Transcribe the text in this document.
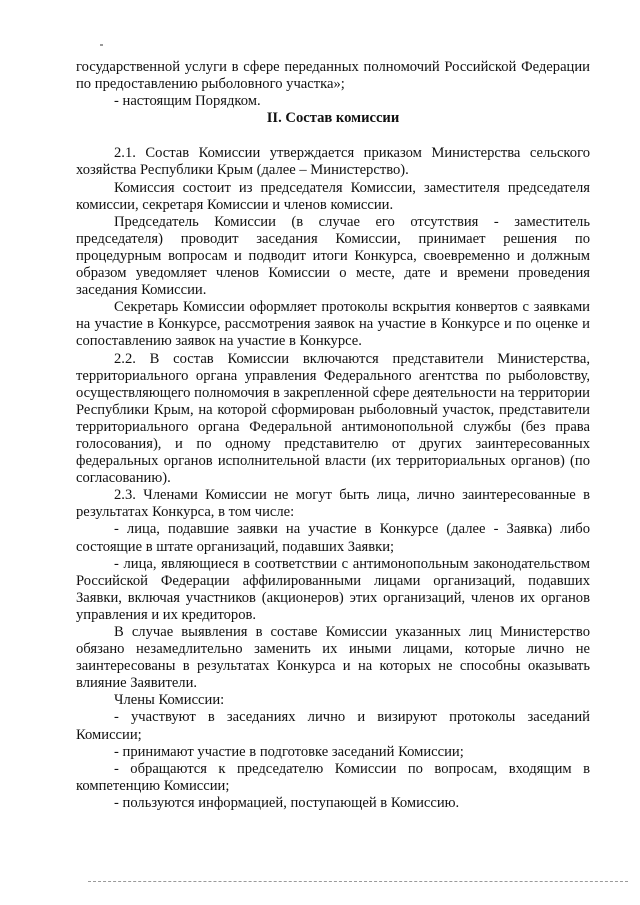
государственной услуги в сфере переданных полномочий Российской Федерации по предоставлению рыболовного участка»;

- настоящим Порядком.

II. Состав комиссии

2.1. Состав Комиссии утверждается приказом Министерства сельского хозяйства Республики Крым (далее – Министерство).

Комиссия состоит из председателя Комиссии, заместителя председателя комиссии, секретаря Комиссии и членов комиссии.

Председатель Комиссии (в случае его отсутствия - заместитель председателя) проводит заседания Комиссии, принимает решения по процедурным вопросам и подводит итоги Конкурса, своевременно и должным образом уведомляет членов Комиссии о месте, дате и времени проведения заседания Комиссии.

Секретарь Комиссии оформляет протоколы вскрытия конвертов с заявками на участие в Конкурсе, рассмотрения заявок на участие в Конкурсе и по оценке и сопоставлению заявок на участие в Конкурсе.

2.2. В состав Комиссии включаются представители Министерства, территориального органа управления Федерального агентства по рыболовству, осуществляющего полномочия в закрепленной сфере деятельности на территории Республики Крым, на которой сформирован рыболовный участок, представители территориального органа Федеральной антимонопольной службы (без права голосования), и по одному представителю от других заинтересованных федеральных органов исполнительной власти (их территориальных органов) (по согласованию).

2.3. Членами Комиссии не могут быть лица, лично заинтересованные в результатах Конкурса, в том числе:

- лица, подавшие заявки на участие в Конкурсе (далее - Заявка) либо состоящие в штате организаций, подавших Заявки;

- лица, являющиеся в соответствии с антимонопольным законодательством Российской Федерации аффилированными лицами организаций, подавших Заявки, включая участников (акционеров) этих организаций, членов их органов управления и их кредиторов.

В случае выявления в составе Комиссии указанных лиц Министерство обязано незамедлительно заменить их иными лицами, которые лично не заинтересованы в результатах Конкурса и на которых не способны оказывать влияние Заявители.

Члены Комиссии:

- участвуют в заседаниях лично и визируют протоколы заседаний Комиссии;

- принимают участие в подготовке заседаний Комиссии;

- обращаются к председателю Комиссии по вопросам, входящим в компетенцию Комиссии;

- пользуются информацией, поступающей в Комиссию.
